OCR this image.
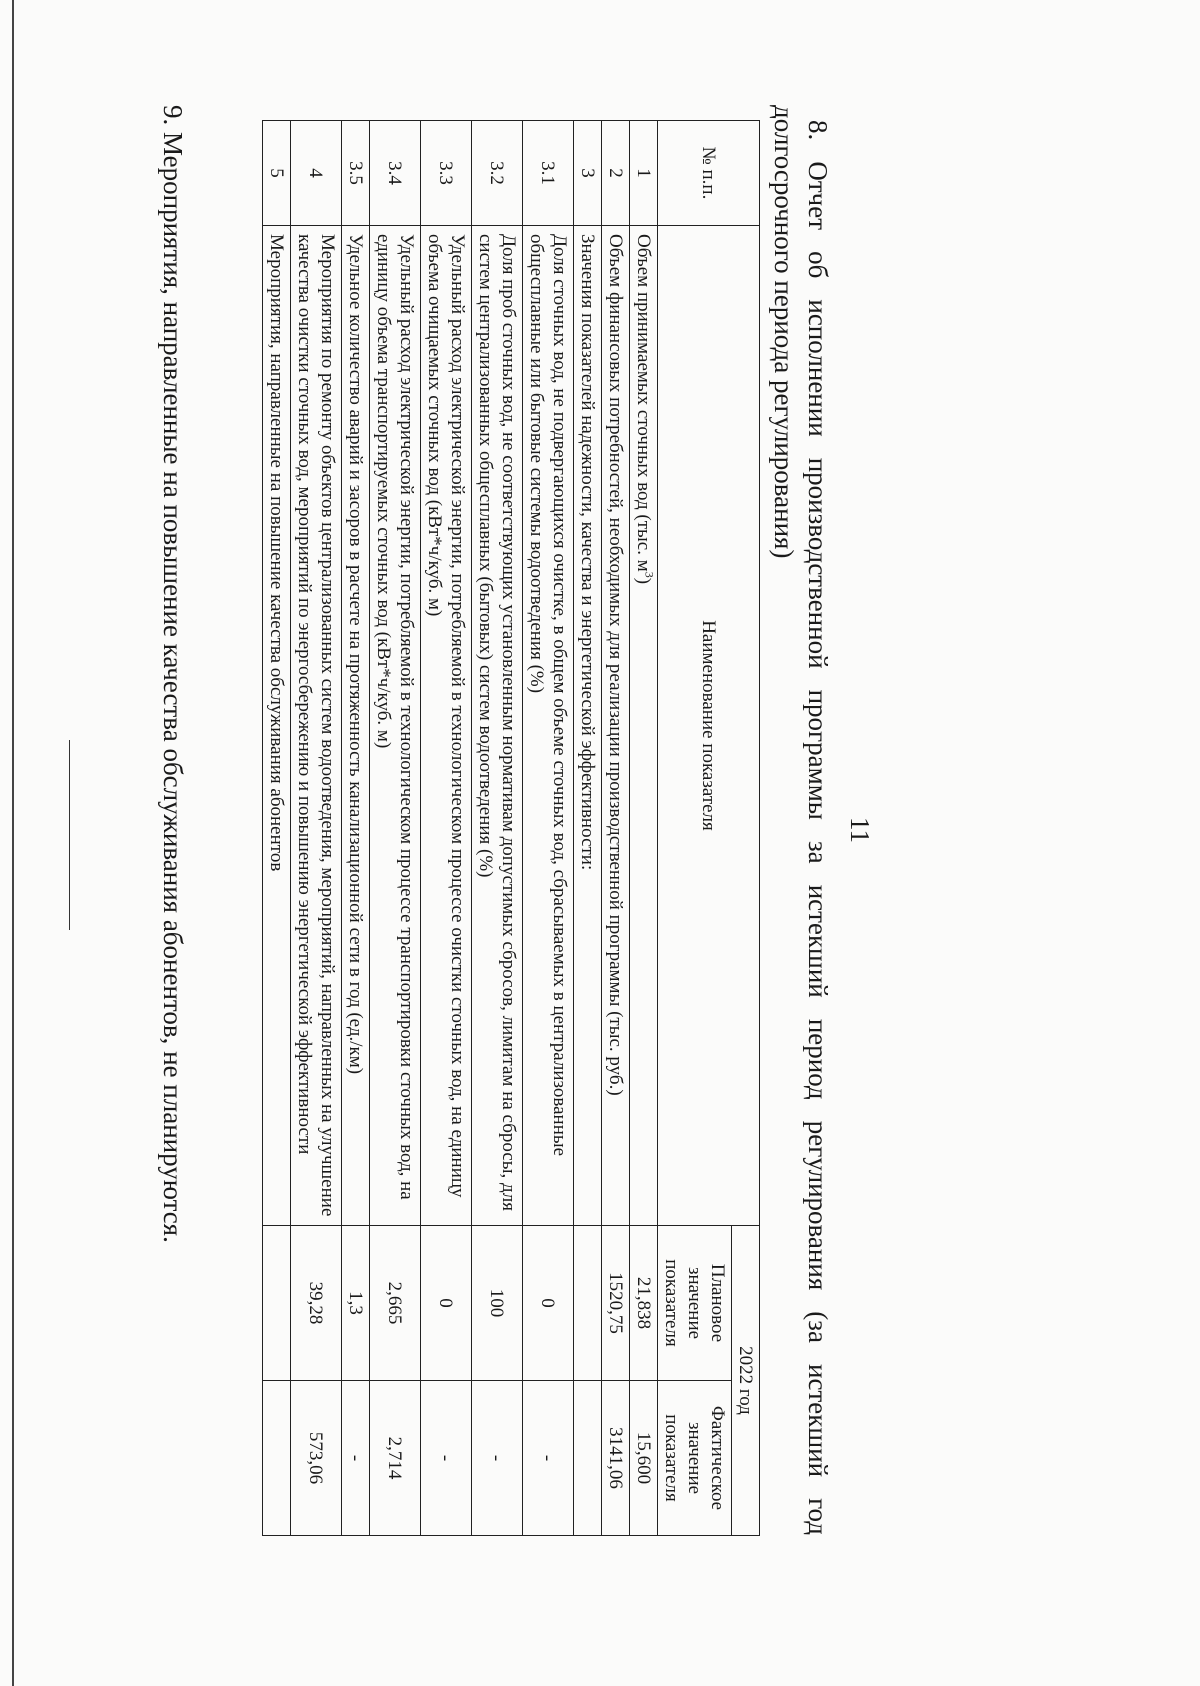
11
8. Отчет об исполнении производственной программы за истекший период регулирования (за истекший год долгосрочного периода регулирования)
№ п.п.	Наименование показателя	2022 год	
		Плановое значение показателя	Фактическое значение показателя
1	Объем принимаемых сточных вод (тыс. $м^3$)	21,838	15,600
2	Объем финансовых потребностей, необходимых для реализации производственной программы (тыс. руб.)	1520,75	3141,06
3	Значения показателей надежности, качества и энергетической эффективности:		
3.1	Доля сточных вод, не подвергающихся очистке, в общем объеме сточных вод, сбрасываемых в централизованные общесплавные или бытовые системы водоотведения (%)	0	-
3.2	Доля проб сточных вод, не соответствующих установленным нормативам допустимых сбросов, лимитам на сбросы, для систем централизованных общесплавных (бытовых) систем водоотведения (%)	100	-
3.3	Удельный расход электрической энергии, потребляемой в технологическом процессе очистки сточных вод, на единицу объема очищаемых сточных вод (кВт*ч/куб. м)	0	-
3.4	Удельный расход электрической энергии, потребляемой в технологическом процессе транспортировки сточных вод, на единицу объема транспортируемых сточных вод (кВт*ч/куб. м)	2,665	2,714
3.5	Удельное количество аварий и засоров в расчете на протяженность канализационной сети в год (ед./км)	1,3	-
4	Мероприятия по ремонту объектов централизованных систем водоотведения, мероприятий, направленных на улучшение качества очистки сточных вод, мероприятий по энергосбережению и повышению энергетической эффективности	39,28	573,06
5	Мероприятия, направленные на повышение качества обслуживания абонентов		
9. Мероприятия, направленные на повышение качества обслуживания абонентов, не планируются.
